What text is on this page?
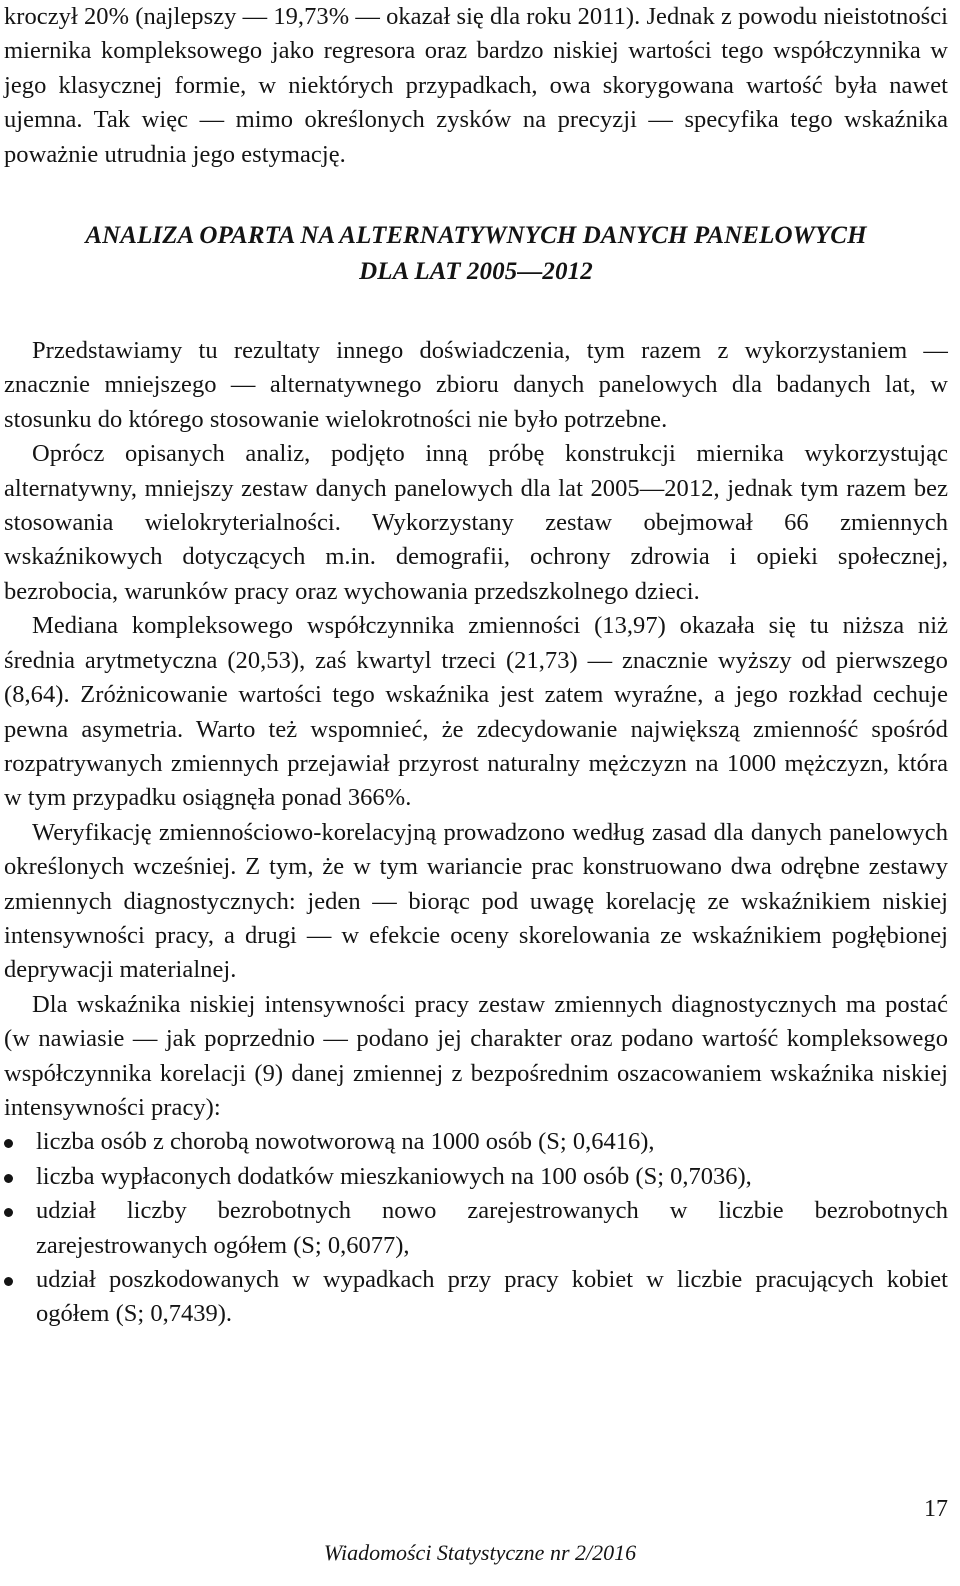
kroczył 20% (najlepszy — 19,73% — okazał się dla roku 2011). Jednak z powodu nieistotności miernika kompleksowego jako regresora oraz bardzo niskiej wartości tego współczynnika w jego klasycznej formie, w niektórych przypadkach, owa skorygowana wartość była nawet ujemna. Tak więc — mimo określonych zysków na precyzji — specyfika tego wskaźnika poważnie utrudnia jego estymację.

ANALIZA OPARTA NA ALTERNATYWNYCH DANYCH PANELOWYCH
DLA LAT 2005—2012

Przedstawiamy tu rezultaty innego doświadczenia, tym razem z wykorzystaniem — znacznie mniejszego — alternatywnego zbioru danych panelowych dla badanych lat, w stosunku do którego stosowanie wielokrotności nie było potrzebne.

Oprócz opisanych analiz, podjęto inną próbę konstrukcji miernika wykorzystując alternatywny, mniejszy zestaw danych panelowych dla lat 2005—2012, jednak tym razem bez stosowania wielokryterialności. Wykorzystany zestaw obejmował 66 zmiennych wskaźnikowych dotyczących m.in. demografii, ochrony zdrowia i opieki społecznej, bezrobocia, warunków pracy oraz wychowania przedszkolnego dzieci.

Mediana kompleksowego współczynnika zmienności (13,97) okazała się tu niższa niż średnia arytmetyczna (20,53), zaś kwartyl trzeci (21,73) — znacznie wyższy od pierwszego (8,64). Zróżnicowanie wartości tego wskaźnika jest zatem wyraźne, a jego rozkład cechuje pewna asymetria. Warto też wspomnieć, że zdecydowanie największą zmienność spośród rozpatrywanych zmiennych przejawiał przyrost naturalny mężczyzn na 1000 mężczyzn, która w tym przypadku osiągnęła ponad 366%.

Weryfikację zmiennościowo-korelacyjną prowadzono według zasad dla danych panelowych określonych wcześniej. Z tym, że w tym wariancie prac konstruowano dwa odrębne zestawy zmiennych diagnostycznych: jeden — biorąc pod uwagę korelację ze wskaźnikiem niskiej intensywności pracy, a drugi — w efekcie oceny skorelowania ze wskaźnikiem pogłębionej deprywacji materialnej.

Dla wskaźnika niskiej intensywności pracy zestaw zmiennych diagnostycznych ma postać (w nawiasie — jak poprzednio — podano jej charakter oraz podano wartość kompleksowego współczynnika korelacji (9) danej zmiennej z bezpośrednim oszacowaniem wskaźnika niskiej intensywności pracy):

liczba osób z chorobą nowotworową na 1000 osób (S; 0,6416),
liczba wypłaconych dodatków mieszkaniowych na 100 osób (S; 0,7036),
udział liczby bezrobotnych nowo zarejestrowanych w liczbie bezrobotnych zarejestrowanych ogółem (S; 0,6077),
udział poszkodowanych w wypadkach przy pracy kobiet w liczbie pracujących kobiet ogółem (S; 0,7439).
17
Wiadomości Statystyczne nr 2/2016
